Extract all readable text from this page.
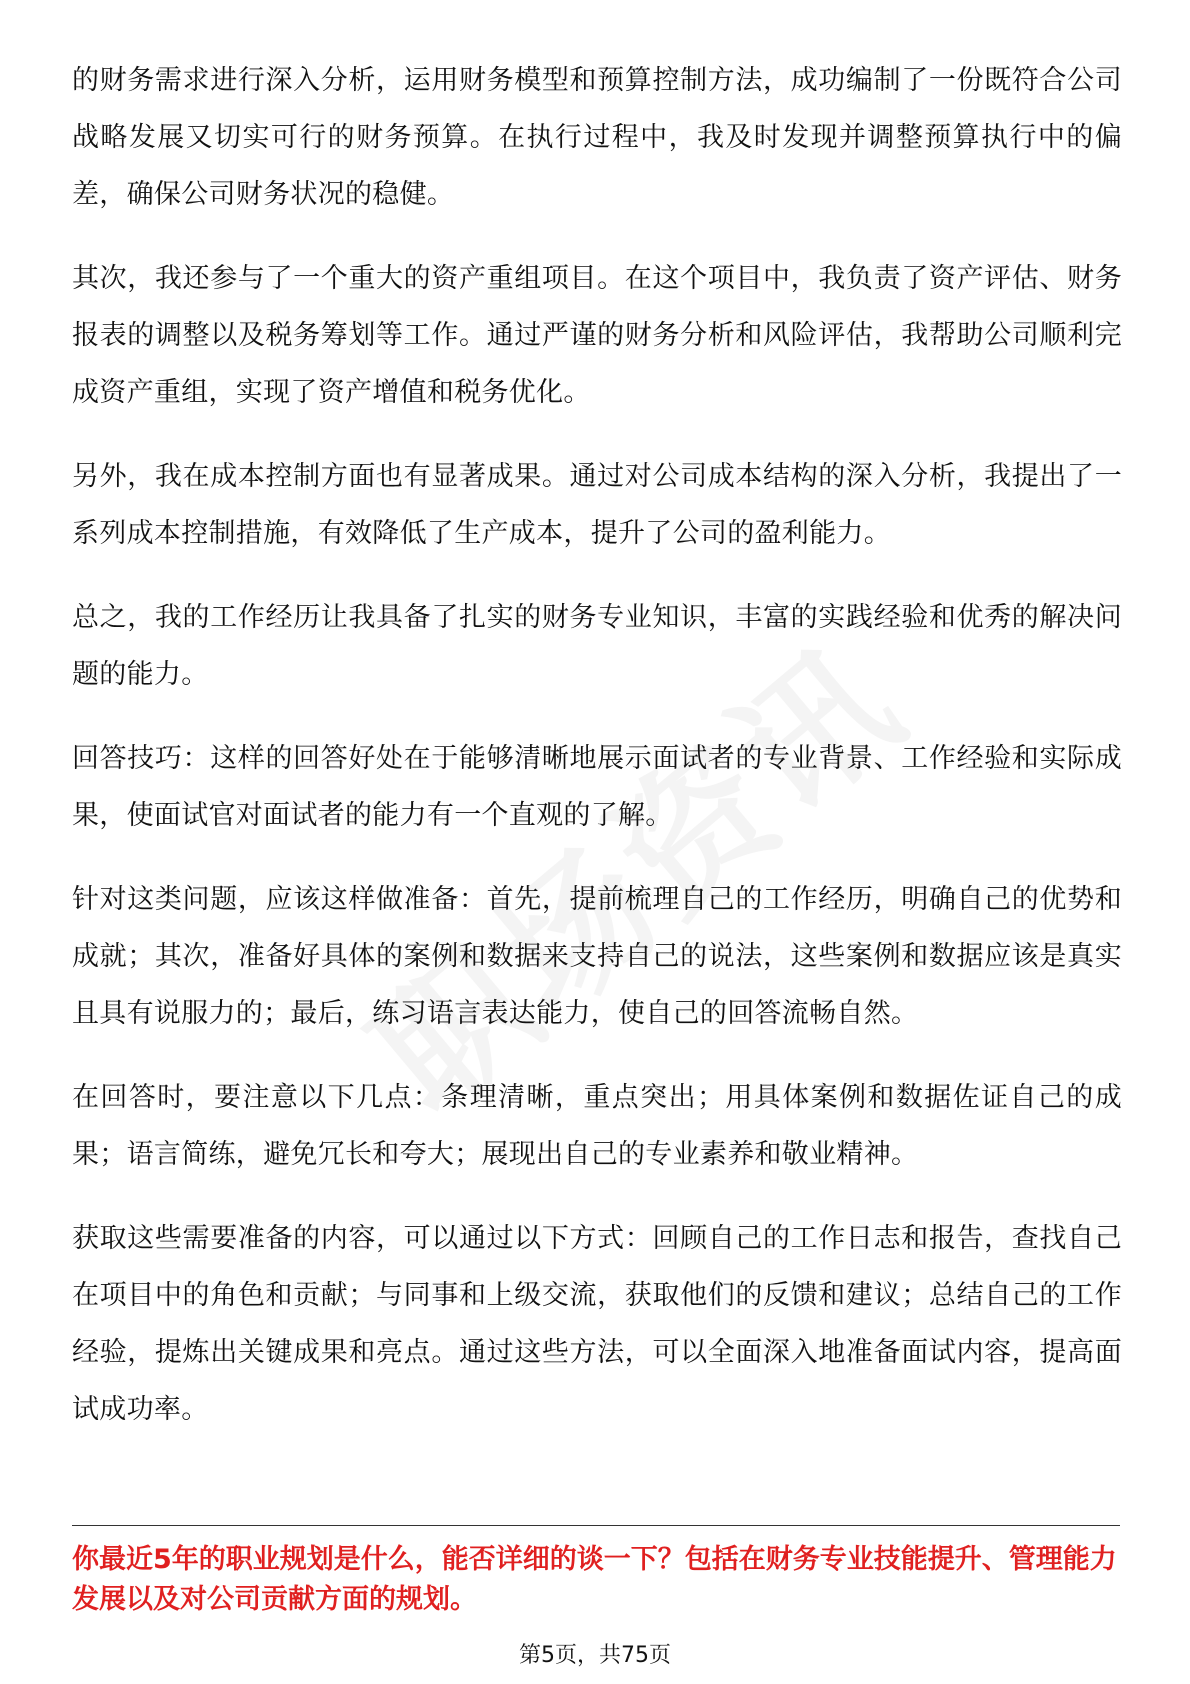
的财务需求进行深入分析，运用财务模型和预算控制方法，成功编制了一份既符合公司战略发展又切实可行的财务预算。在执行过程中，我及时发现并调整预算执行中的偏差，确保公司财务状况的稳健。

其次，我还参与了一个重大的资产重组项目。在这个项目中，我负责了资产评估、财务报表的调整以及税务筹划等工作。通过严谨的财务分析和风险评估，我帮助公司顺利完成资产重组，实现了资产增值和税务优化。

另外，我在成本控制方面也有显著成果。通过对公司成本结构的深入分析，我提出了一系列成本控制措施，有效降低了生产成本，提升了公司的盈利能力。

总之，我的工作经历让我具备了扎实的财务专业知识，丰富的实践经验和优秀的解决问题的能力。

回答技巧：这样的回答好处在于能够清晰地展示面试者的专业背景、工作经验和实际成果，使面试官对面试者的能力有一个直观的了解。

针对这类问题，应该这样做准备：首先，提前梳理自己的工作经历，明确自己的优势和成就；其次，准备好具体的案例和数据来支持自己的说法，这些案例和数据应该是真实且具有说服力的；最后，练习语言表达能力，使自己的回答流畅自然。

在回答时，要注意以下几点：条理清晰，重点突出；用具体案例和数据佐证自己的成果；语言简练，避免冗长和夸大；展现出自己的专业素养和敬业精神。

获取这些需要准备的内容，可以通过以下方式：回顾自己的工作日志和报告，查找自己在项目中的角色和贡献；与同事和上级交流，获取他们的反馈和建议；总结自己的工作经验，提炼出关键成果和亮点。通过这些方法，可以全面深入地准备面试内容，提高面试成功率。

你最近5年的职业规划是什么，能否详细的谈一下？包括在财务专业技能提升、管理能力发展以及对公司贡献方面的规划。

第5页，共75页
